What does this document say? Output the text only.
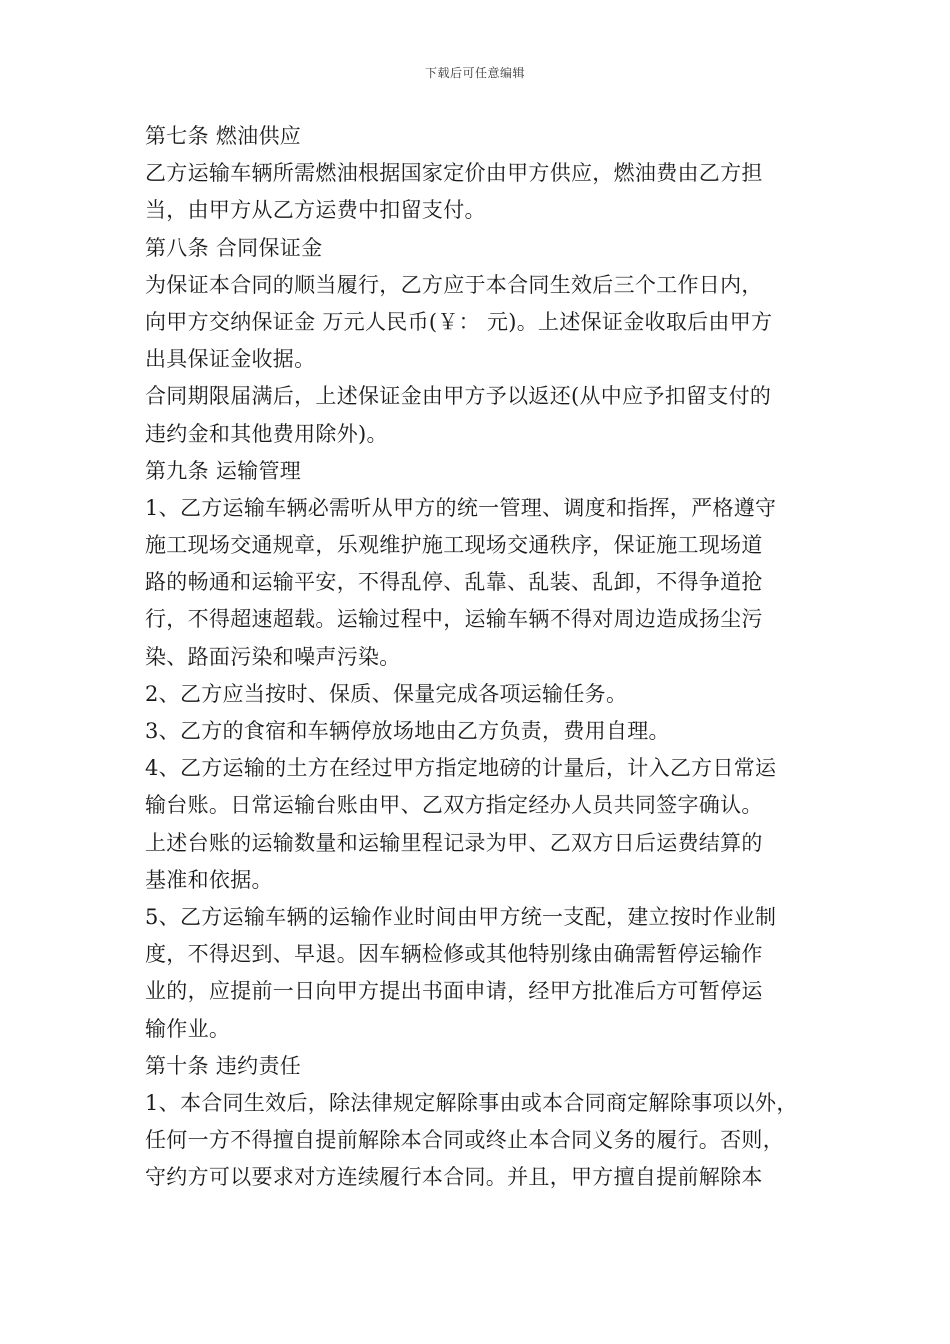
下载后可任意编辑
第七条 燃油供应
乙方运输车辆所需燃油根据国家定价由甲方供应，燃油费由乙方担
当，由甲方从乙方运费中扣留支付。
第八条 合同保证金
为保证本合同的顺当履行，乙方应于本合同生效后三个工作日内，
向甲方交纳保证金 万元人民币(￥： 元)。上述保证金收取后由甲方
出具保证金收据。
合同期限届满后，上述保证金由甲方予以返还(从中应予扣留支付的
违约金和其他费用除外)。
第九条 运输管理
1、乙方运输车辆必需听从甲方的统一管理、调度和指挥，严格遵守
施工现场交通规章，乐观维护施工现场交通秩序，保证施工现场道
路的畅通和运输平安，不得乱停、乱靠、乱装、乱卸，不得争道抢
行，不得超速超载。运输过程中，运输车辆不得对周边造成扬尘污
染、路面污染和噪声污染。
2、乙方应当按时、保质、保量完成各项运输任务。
3、乙方的食宿和车辆停放场地由乙方负责，费用自理。
4、乙方运输的土方在经过甲方指定地磅的计量后，计入乙方日常运
输台账。日常运输台账由甲、乙双方指定经办人员共同签字确认。
上述台账的运输数量和运输里程记录为甲、乙双方日后运费结算的
基准和依据。
5、乙方运输车辆的运输作业时间由甲方统一支配，建立按时作业制
度，不得迟到、早退。因车辆检修或其他特别缘由确需暂停运输作
业的，应提前一日向甲方提出书面申请，经甲方批准后方可暂停运
输作业。
第十条 违约责任
1、本合同生效后，除法律规定解除事由或本合同商定解除事项以外，
任何一方不得擅自提前解除本合同或终止本合同义务的履行。否则，
守约方可以要求对方连续履行本合同。并且，甲方擅自提前解除本
